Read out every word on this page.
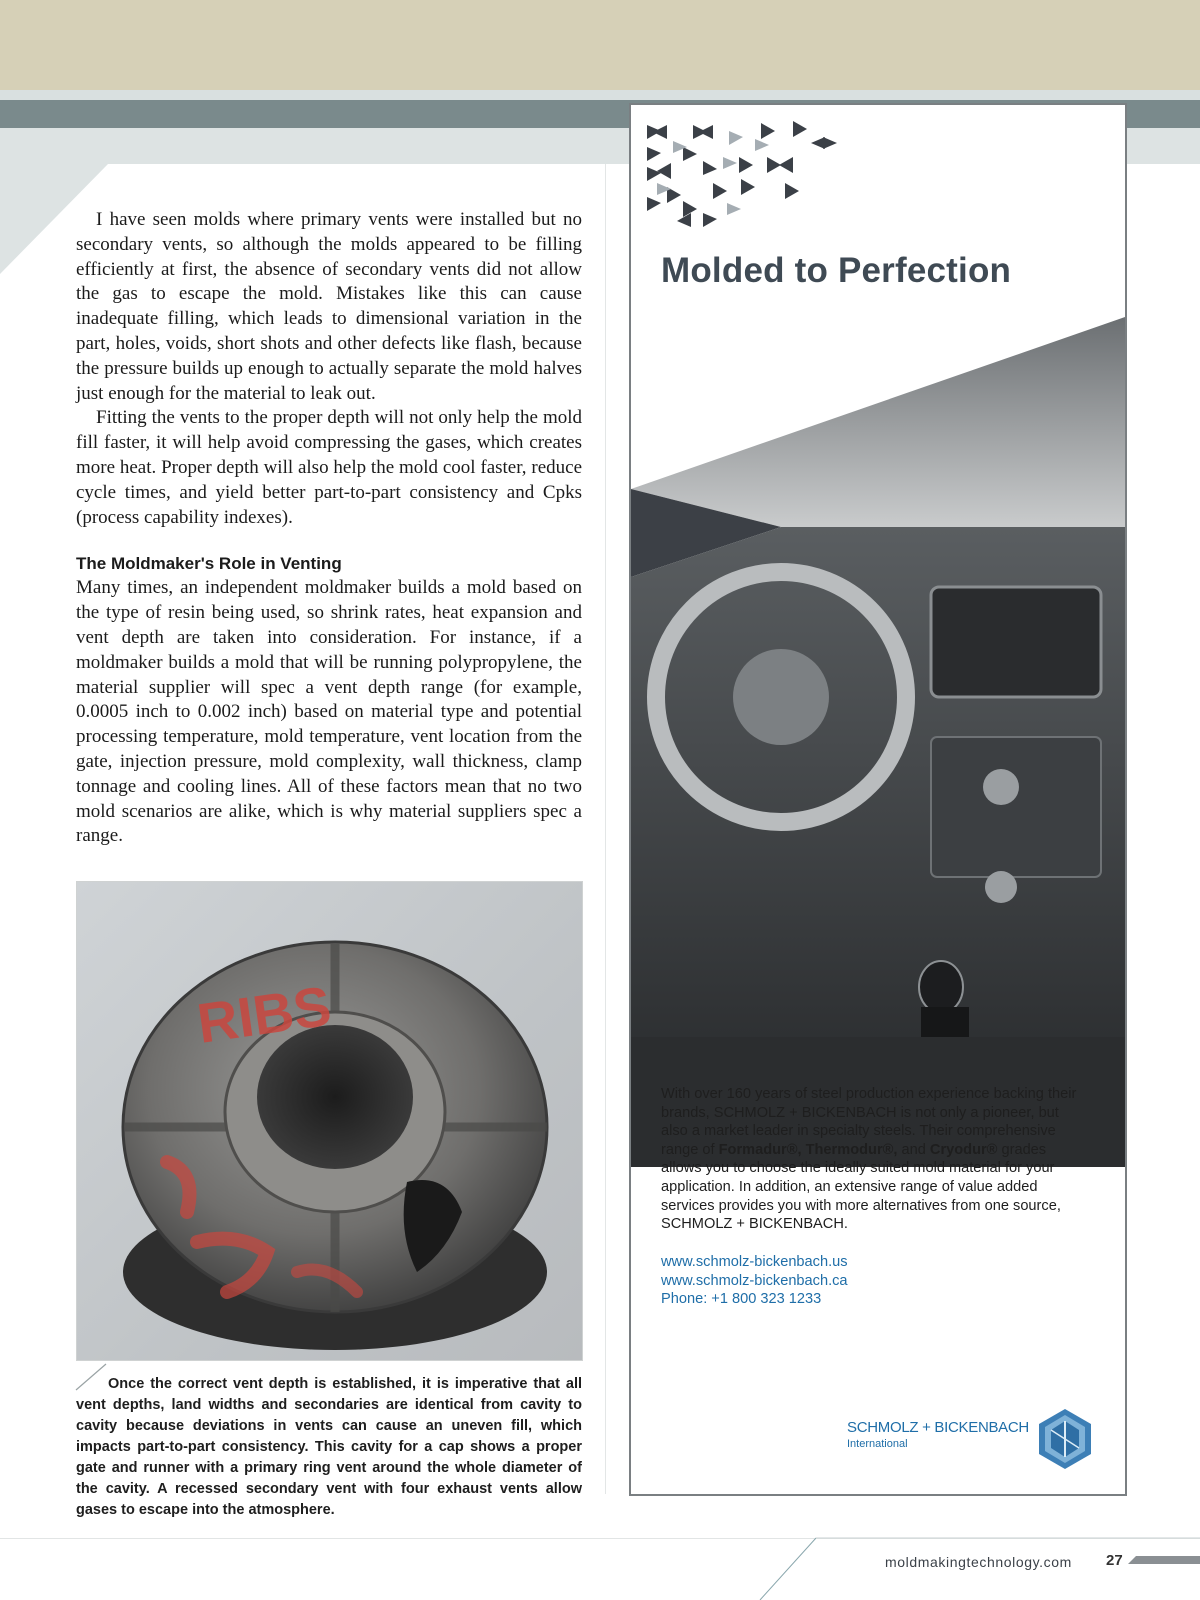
I have seen molds where primary vents were installed but no secondary vents, so although the molds appeared to be filling efficiently at first, the absence of secondary vents did not allow the gas to escape the mold. Mistakes like this can cause inadequate filling, which leads to dimensional variation in the part, holes, voids, short shots and other defects like flash, because the pressure builds up enough to actually separate the mold halves just enough for the material to leak out.

Fitting the vents to the proper depth will not only help the mold fill faster, it will help avoid compressing the gases, which creates more heat. Proper depth will also help the mold cool faster, reduce cycle times, and yield better part-to-part consistency and Cpks (process capability indexes).

The Moldmaker's Role in Venting

Many times, an independent moldmaker builds a mold based on the type of resin being used, so shrink rates, heat expansion and vent depth are taken into consideration. For instance, if a moldmaker builds a mold that will be running polypropylene, the material supplier will spec a vent depth range (for example, 0.0005 inch to 0.002 inch) based on material type and potential processing temperature, mold temperature, vent location from the gate, injection pressure, mold complexity, wall thickness, clamp tonnage and cooling lines. All of these factors mean that no two mold scenarios are alike, which is why material suppliers spec a range.

RIBS
Once the correct vent depth is established, it is imperative that all vent depths, land widths and secondaries are identical from cavity to cavity because deviations in vents can cause an uneven fill, which impacts part-to-part consistency. This cavity for a cap shows a proper gate and runner with a primary ring vent around the whole diameter of the cavity. A recessed secondary vent with four exhaust vents allow gases to escape into the atmosphere.
Molded to Perfection
With over 160 years of steel production experience backing their brands, SCHMOLZ + BICKENBACH is not only a pioneer, but also a market leader in specialty steels. Their comprehensive range of Formadur®, Thermodur®, and Cryodur® grades allows you to choose the ideally suited mold material for your application. In addition, an extensive range of value added services provides you with more alternatives from one source, SCHMOLZ + BICKENBACH.
www.schmolz-bickenbach.us
www.schmolz-bickenbach.ca
Phone: +1 800 323 1233
SCHMOLZ + BICKENBACH
International
moldmakingtechnology.com 27
